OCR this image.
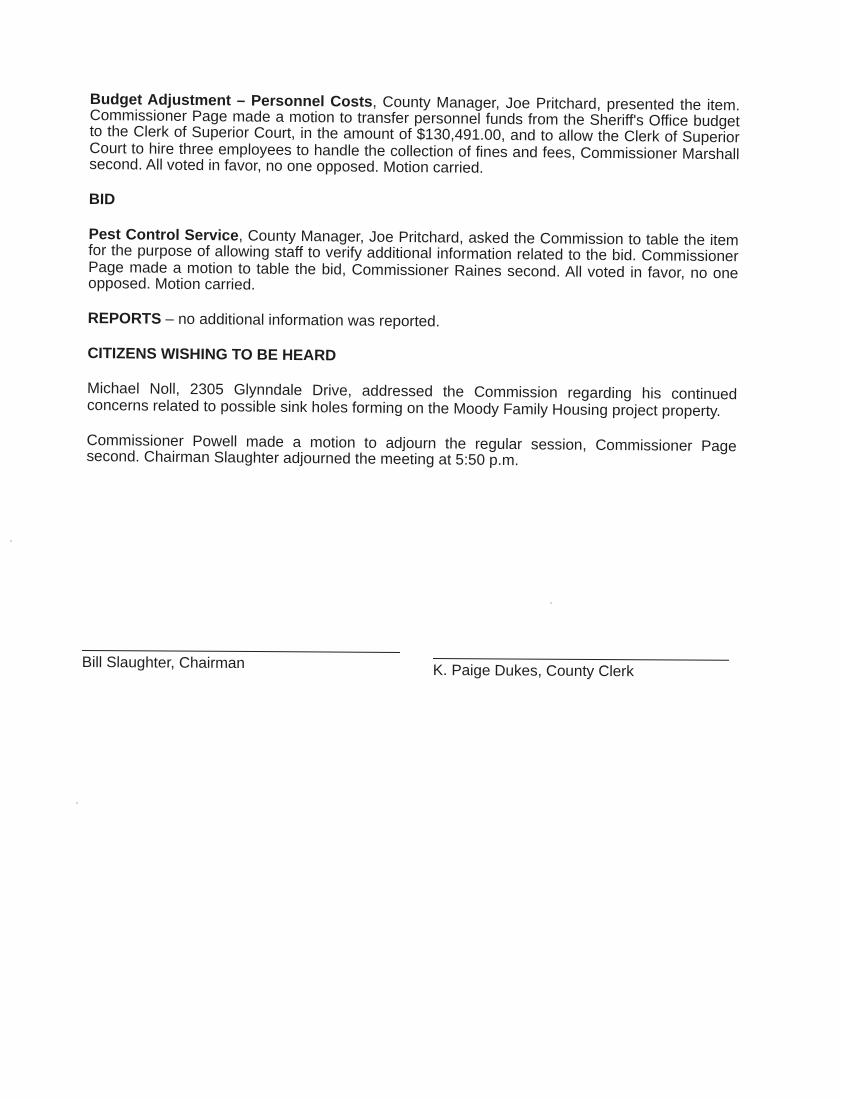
Budget Adjustment – Personnel Costs, County Manager, Joe Pritchard, presented the item. Commissioner Page made a motion to transfer personnel funds from the Sheriff's Office budget to the Clerk of Superior Court, in the amount of $130,491.00, and to allow the Clerk of Superior Court to hire three employees to handle the collection of fines and fees, Commissioner Marshall second. All voted in favor, no one opposed. Motion carried.

BID

Pest Control Service, County Manager, Joe Pritchard, asked the Commission to table the item for the purpose of allowing staff to verify additional information related to the bid. Commissioner Page made a motion to table the bid, Commissioner Raines second. All voted in favor, no one opposed. Motion carried.

REPORTS – no additional information was reported.

CITIZENS WISHING TO BE HEARD

Michael Noll, 2305 Glynndale Drive, addressed the Commission regarding his continued concerns related to possible sink holes forming on the Moody Family Housing project property.

Commissioner Powell made a motion to adjourn the regular session, Commissioner Page second. Chairman Slaughter adjourned the meeting at 5:50 p.m.

Bill Slaughter, Chairman	K. Paige Dukes, County Clerk
